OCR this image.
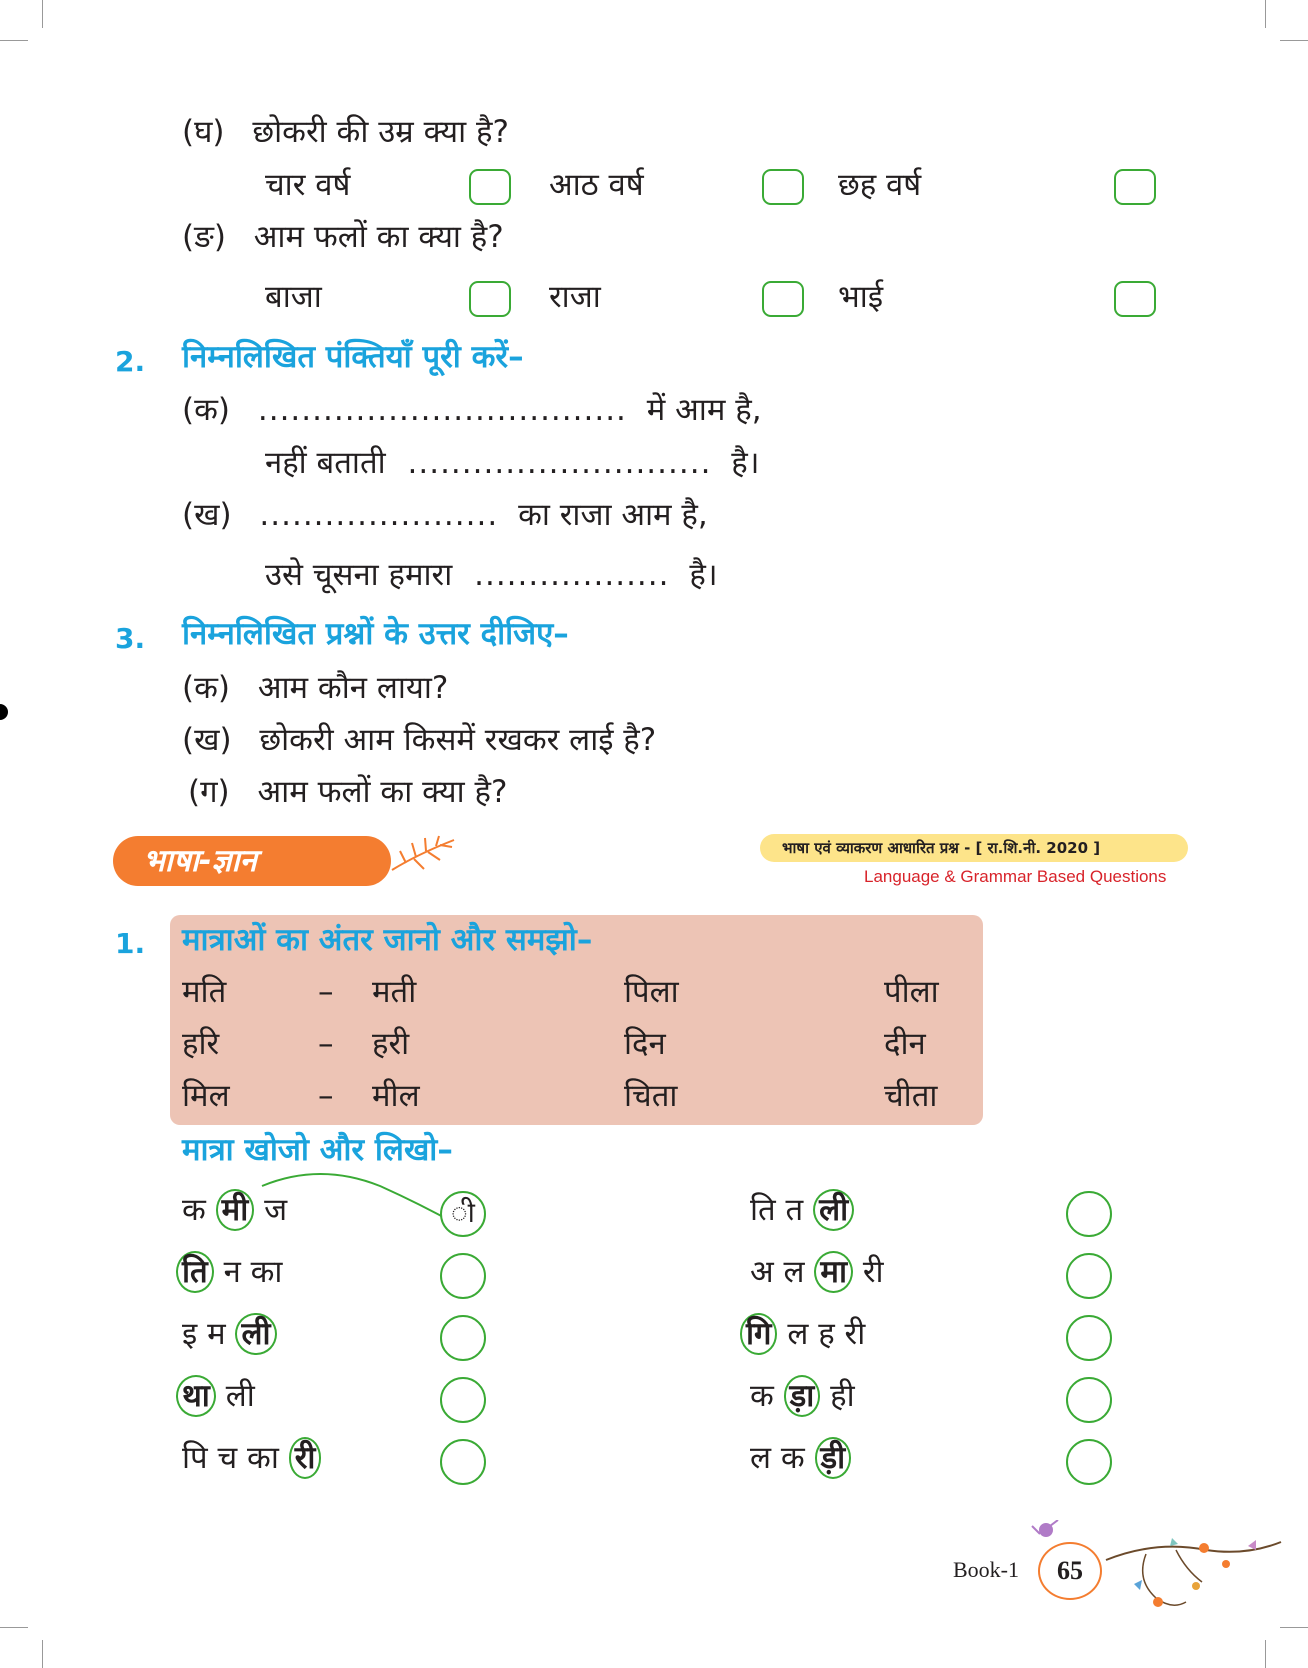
(घ) छोकरी की उम्र क्या है?
चार वर्ष	आठ वर्ष	छह वर्ष
(ङ) आम फलों का क्या है?
बाजा	राजा	भाई
2. निम्नलिखित पंक्तियाँ पूरी करें–
(क) .................................. में आम है,
नहीं बताती ............................ है।
(ख) ...................... का राजा आम है,
उसे चूसना हमारा .................. है।
3. निम्नलिखित प्रश्नों के उत्तर दीजिए–
(क) आम कौन लाया?
(ख) छोकरी आम किसमें रखकर लाई है?
(ग) आम फलों का क्या है?
भाषा-ज्ञान	भाषा एवं व्याकरण आधारित प्रश्न - [ रा.शि.नी. 2020 ]
Language & Grammar Based Questions
1. मात्राओं का अंतर जानो और समझो–
मति	– मती	पिला	पीला
हरि	– हरी	दिन	दीन
मिल	– मील	चिता	चीता
मात्रा खोजो और लिखो–
क मी ज
ति न का
इ म ली
था ली
पि च का री
ी	ति त ली
अ ल मा री
गि ल ह री
क ड़ा ही
ल क ड़ी
Book-1	65
